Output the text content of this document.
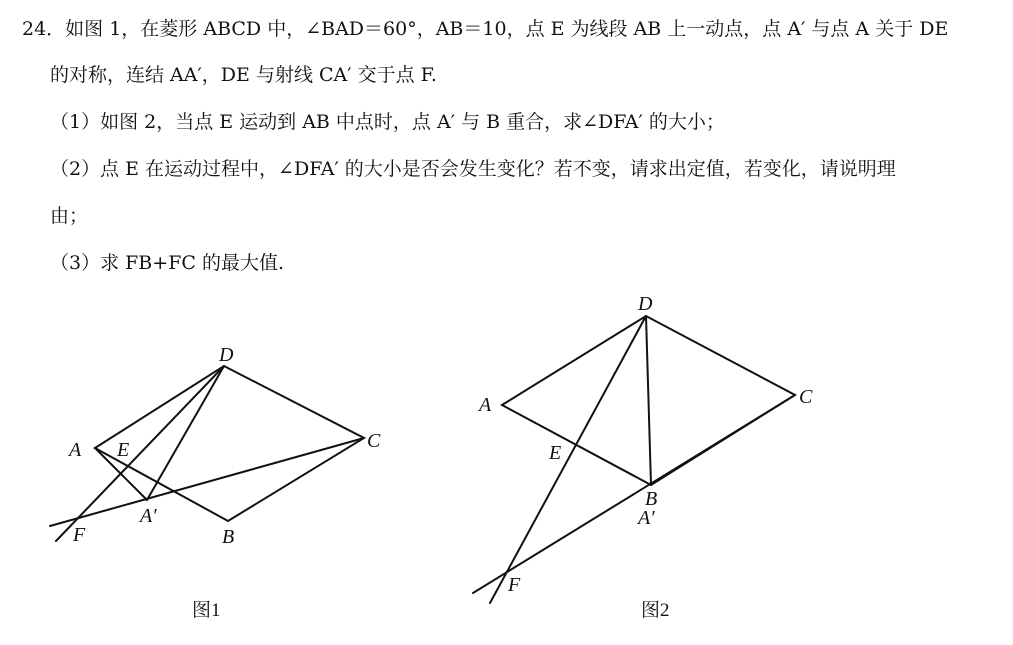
24．如图 1，在菱形 ABCD 中，∠BAD＝60°，AB＝10，点 E 为线段 AB 上一动点，点 A′ 与点 A 关于 DE
的对称，连结 AA′，DE 与射线 CA′ 交于点 F.
（1）如图 2，当点 E 运动到 AB 中点时，点 A′ 与 B 重合，求∠DFA′ 的大小；
（2）点 E 在运动过程中，∠DFA′ 的大小是否会发生变化？若不变，请求出定值，若变化，请说明理
由；
（3）求 FB+FC 的最大值.
A E
D
C
B
A′
F
A
D
C
E
B
A′
F
图1	图2
